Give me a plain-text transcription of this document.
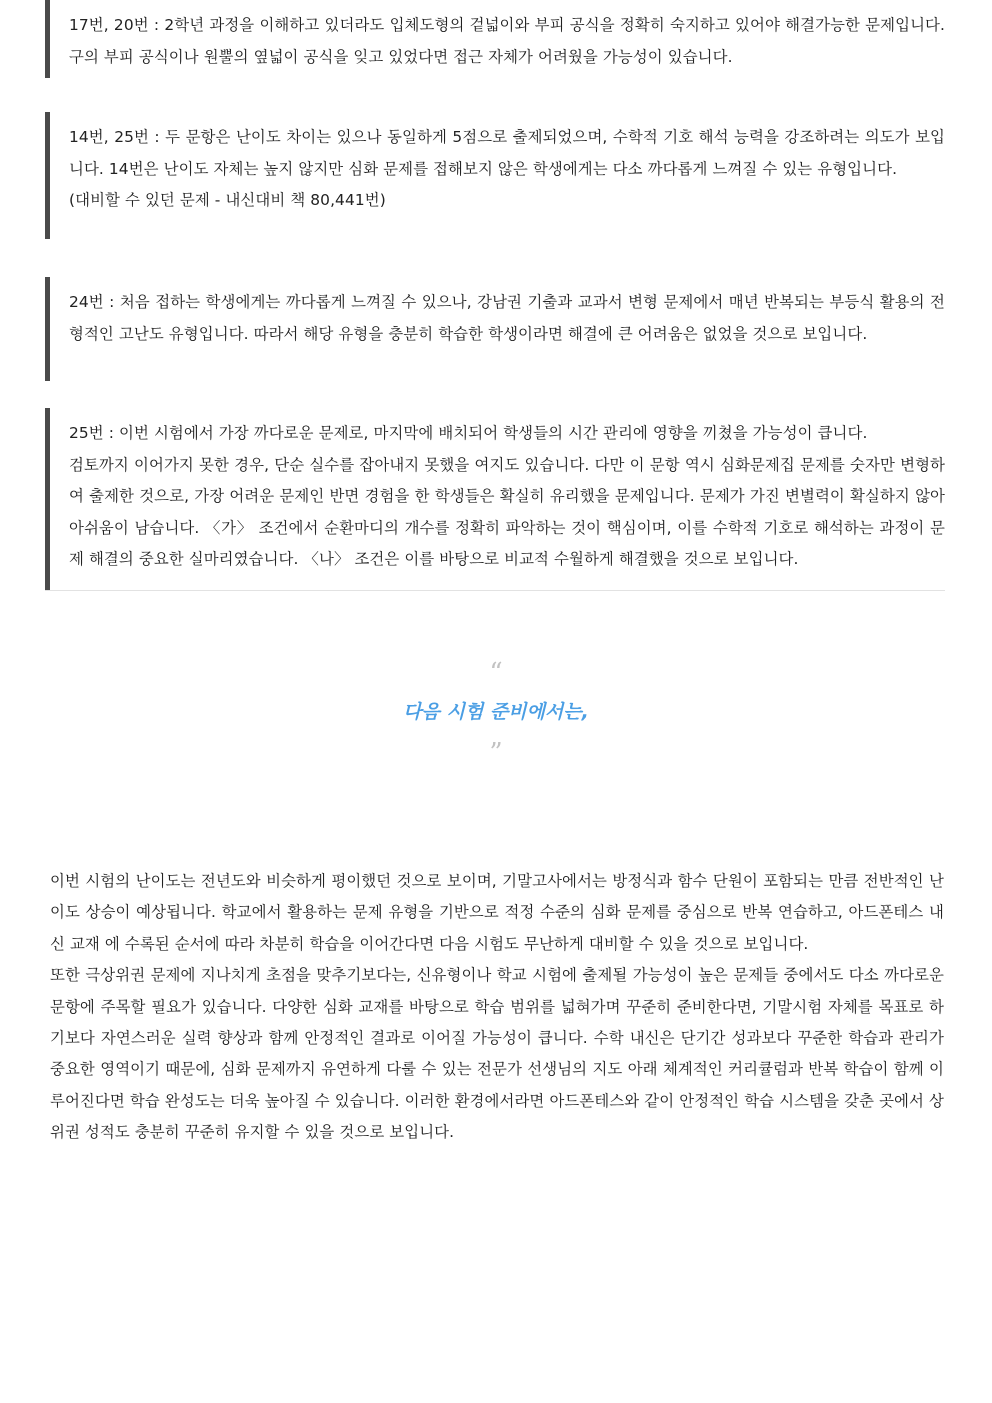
17번, 20번 : 2학년 과정을 이해하고 있더라도 입체도형의 겉넓이와 부피 공식을 정확히 숙지하고 있어야 해결가능한 문제입니다. 구의 부피 공식이나 원뿔의 옆넓이 공식을 잊고 있었다면 접근 자체가 어려웠을 가능성이 있습니다.

14번, 25번 : 두 문항은 난이도 차이는 있으나 동일하게 5점으로 출제되었으며, 수학적 기호 해석 능력을 강조하려는 의도가 보입니다. 14번은 난이도 자체는 높지 않지만 심화 문제를 접해보지 않은 학생에게는 다소 까다롭게 느껴질 수 있는 유형입니다.

(대비할 수 있던 문제 - 내신대비 책 80,441번)

24번 : 처음 접하는 학생에게는 까다롭게 느껴질 수 있으나, 강남권 기출과 교과서 변형 문제에서 매년 반복되는 부등식 활용의 전형적인 고난도 유형입니다. 따라서 해당 유형을 충분히 학습한 학생이라면 해결에 큰 어려움은 없었을 것으로 보입니다.

25번 : 이번 시험에서 가장 까다로운 문제로, 마지막에 배치되어 학생들의 시간 관리에 영향을 끼쳤을 가능성이 큽니다.

검토까지 이어가지 못한 경우, 단순 실수를 잡아내지 못했을 여지도 있습니다. 다만 이 문항 역시 심화문제집 문제를 숫자만 변형하여 출제한 것으로, 가장 어려운 문제인 반면 경험을 한 학생들은 확실히 유리했을 문제입니다. 문제가 가진 변별력이 확실하지 않아 아쉬움이 남습니다. 〈가〉 조건에서 순환마디의 개수를 정확히 파악하는 것이 핵심이며, 이를 수학적 기호로 해석하는 과정이 문제 해결의 중요한 실마리였습니다. 〈나〉 조건은 이를 바탕으로 비교적 수월하게 해결했을 것으로 보입니다.

“
다음 시험 준비에서는,
”

이번 시험의 난이도는 전년도와 비슷하게 평이했던 것으로 보이며, 기말고사에서는 방정식과 함수 단원이 포함되는 만큼 전반적인 난이도 상승이 예상됩니다. 학교에서 활용하는 문제 유형을 기반으로 적정 수준의 심화 문제를 중심으로 반복 연습하고, 아드폰테스 내신 교재 에 수록된 순서에 따라 차분히 학습을 이어간다면 다음 시험도 무난하게 대비할 수 있을 것으로 보입니다.

또한 극상위권 문제에 지나치게 초점을 맞추기보다는, 신유형이나 학교 시험에 출제될 가능성이 높은 문제들 중에서도 다소 까다로운 문항에 주목할 필요가 있습니다. 다양한 심화 교재를 바탕으로 학습 범위를 넓혀가며 꾸준히 준비한다면, 기말시험 자체를 목표로 하기보다 자연스러운 실력 향상과 함께 안정적인 결과로 이어질 가능성이 큽니다. 수학 내신은 단기간 성과보다 꾸준한 학습과 관리가 중요한 영역이기 때문에, 심화 문제까지 유연하게 다룰 수 있는 전문가 선생님의 지도 아래 체계적인 커리큘럼과 반복 학습이 함께 이루어진다면 학습 완성도는 더욱 높아질 수 있습니다. 이러한 환경에서라면 아드폰테스와 같이 안정적인 학습 시스템을 갖춘 곳에서 상위권 성적도 충분히 꾸준히 유지할 수 있을 것으로 보입니다.
